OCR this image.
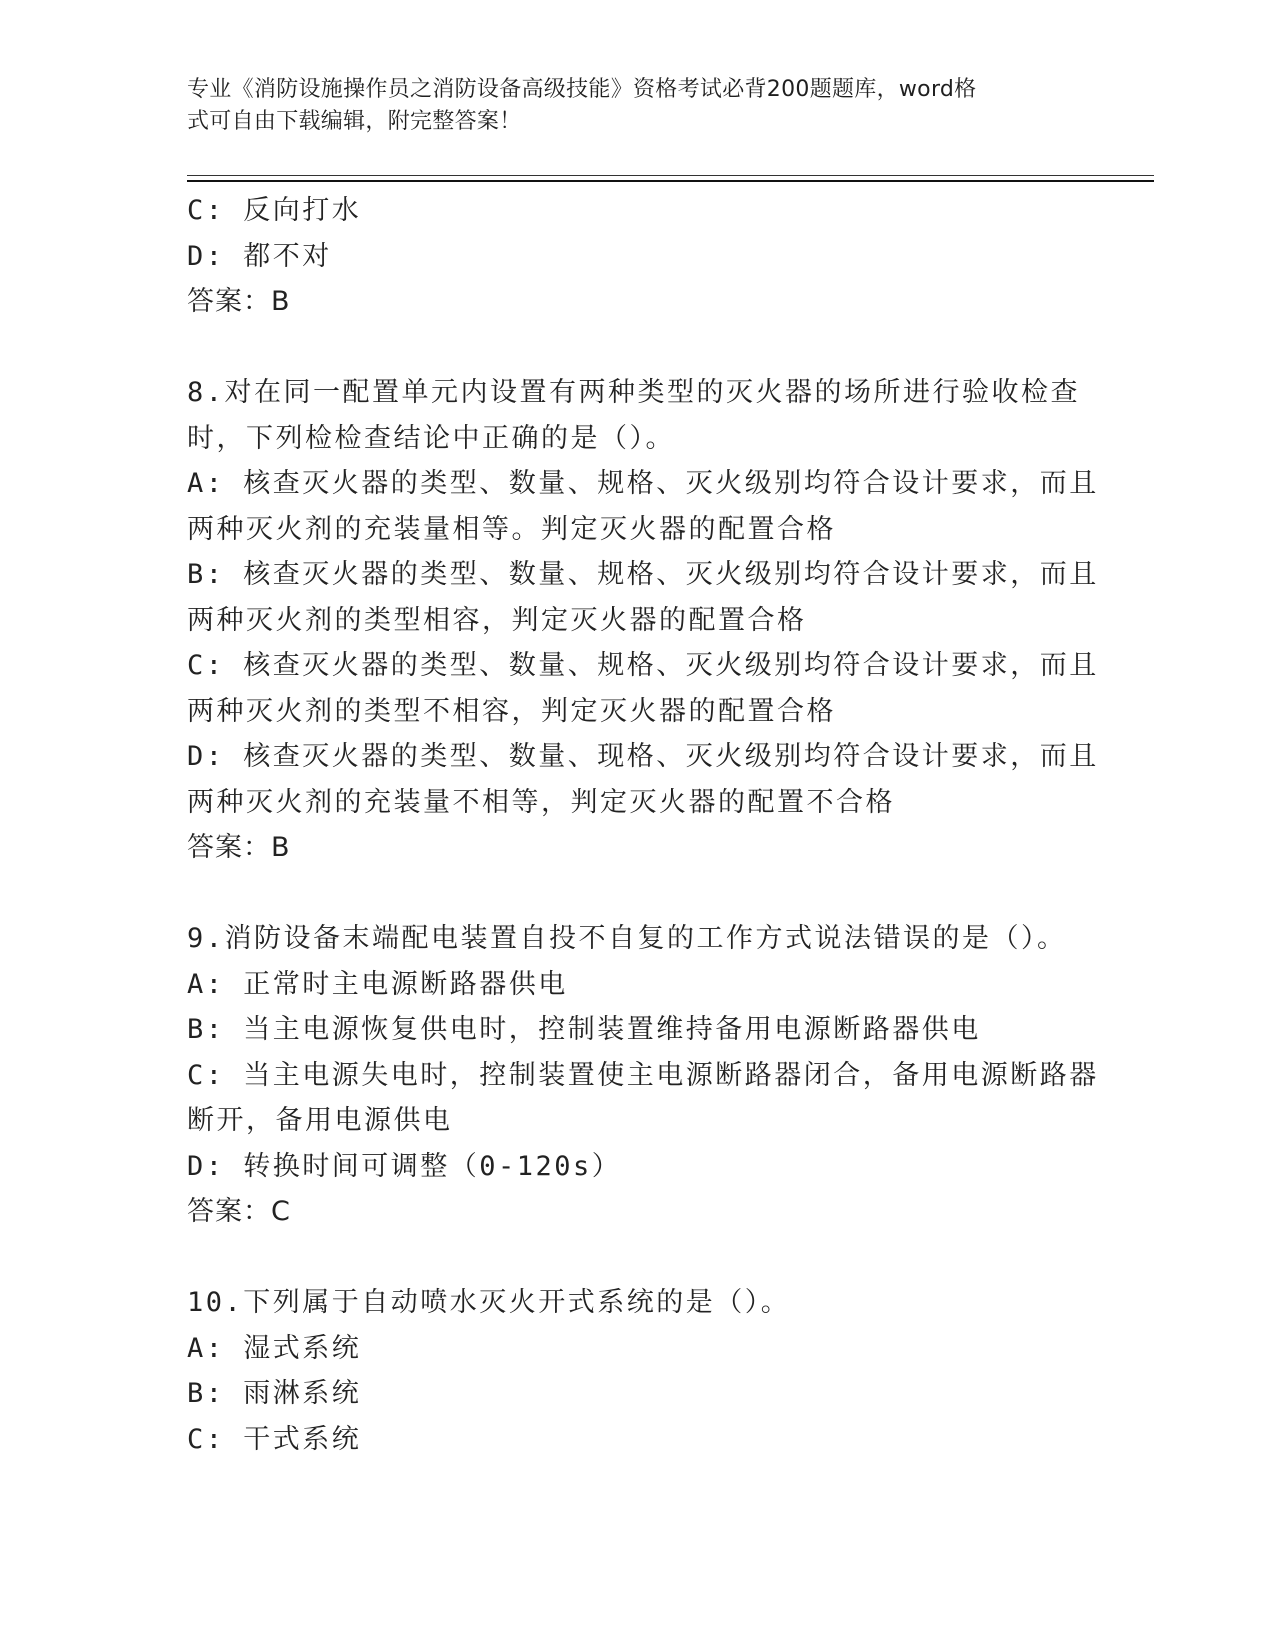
专业《消防设施操作员之消防设备高级技能》资格考试必背200题题库，word格
式可自由下载编辑，附完整答案！
C: 反向打水
D: 都不对
答案：B
8.对在同一配置单元内设置有两种类型的灭火器的场所进行验收检查
时，下列检检查结论中正确的是（）。
A: 核查灭火器的类型、数量、规格、灭火级别均符合设计要求，而且
两种灭火剂的充装量相等。判定灭火器的配置合格
B: 核查灭火器的类型、数量、规格、灭火级别均符合设计要求，而且
两种灭火剂的类型相容，判定灭火器的配置合格
C: 核查灭火器的类型、数量、规格、灭火级别均符合设计要求，而且
两种灭火剂的类型不相容，判定灭火器的配置合格
D: 核查灭火器的类型、数量、现格、灭火级别均符合设计要求，而且
两种灭火剂的充装量不相等，判定灭火器的配置不合格
答案：B
9.消防设备末端配电装置自投不自复的工作方式说法错误的是（）。
A: 正常时主电源断路器供电
B: 当主电源恢复供电时，控制装置维持备用电源断路器供电
C: 当主电源失电时，控制装置使主电源断路器闭合，备用电源断路器
断开，备用电源供电
D: 转换时间可调整（0-120s）
答案：C
10.下列属于自动喷水灭火开式系统的是（）。
A: 湿式系统
B: 雨淋系统
C: 干式系统
